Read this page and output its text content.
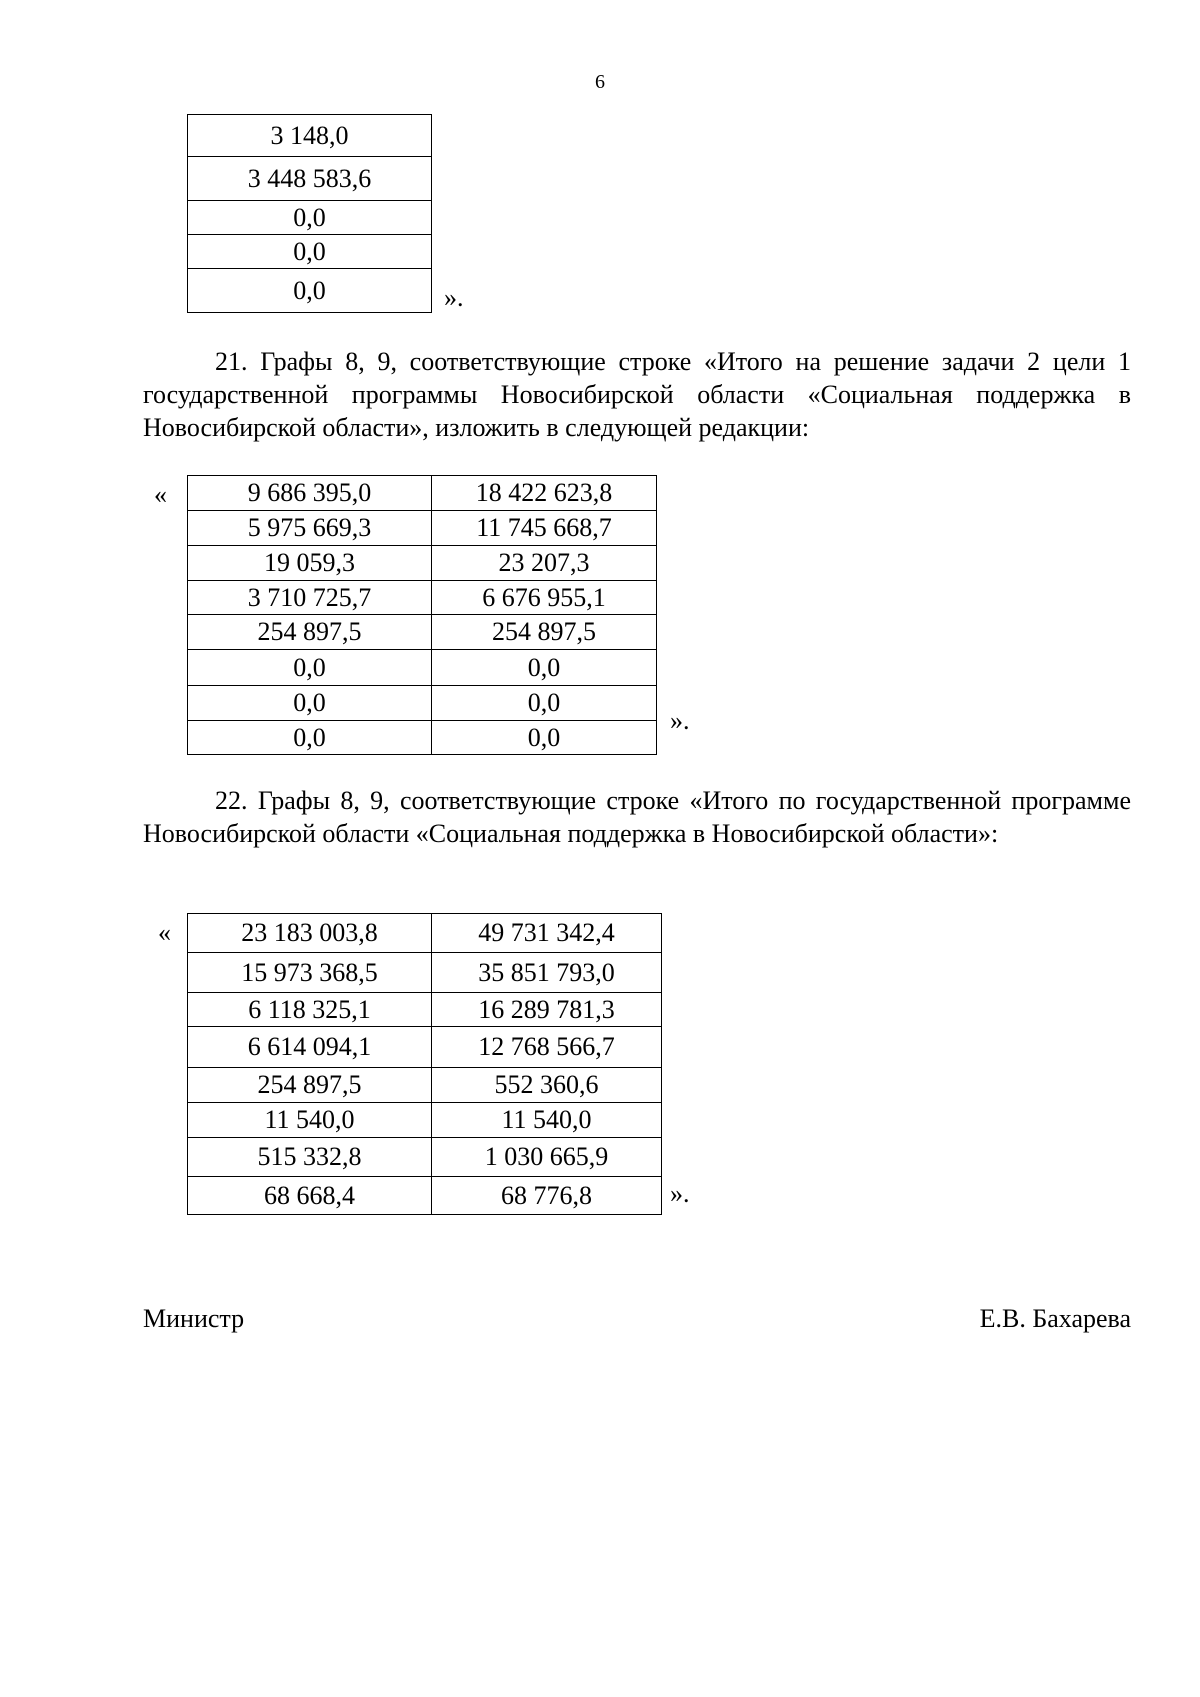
6
3 148,0
3 448 583,6
0,0
0,0
0,0	».
21. Графы 8, 9, соответствующие строке «Итого на решение задачи 2 цели 1 государственной программы Новосибирской области «Социальная поддержка в Новосибирской области», изложить в следующей редакции:
«	9 686 395,0	18 422 623,8
5 975 669,3	11 745 668,7
19 059,3	23 207,3
3 710 725,7	6 676 955,1
254 897,5	254 897,5
0,0	0,0
0,0	0,0
0,0	0,0
».
22. Графы 8, 9, соответствующие строке «Итого по государственной программе Новосибирской области «Социальная поддержка в Новосибирской области»:
«	23 183 003,8	49 731 342,4
15 973 368,5	35 851 793,0
6 118 325,1	16 289 781,3
6 614 094,1	12 768 566,7
254 897,5	552 360,6
11 540,0	11 540,0
515 332,8	1 030 665,9
68 668,4	68 776,8	».
Министр	Е.В. Бахарева
